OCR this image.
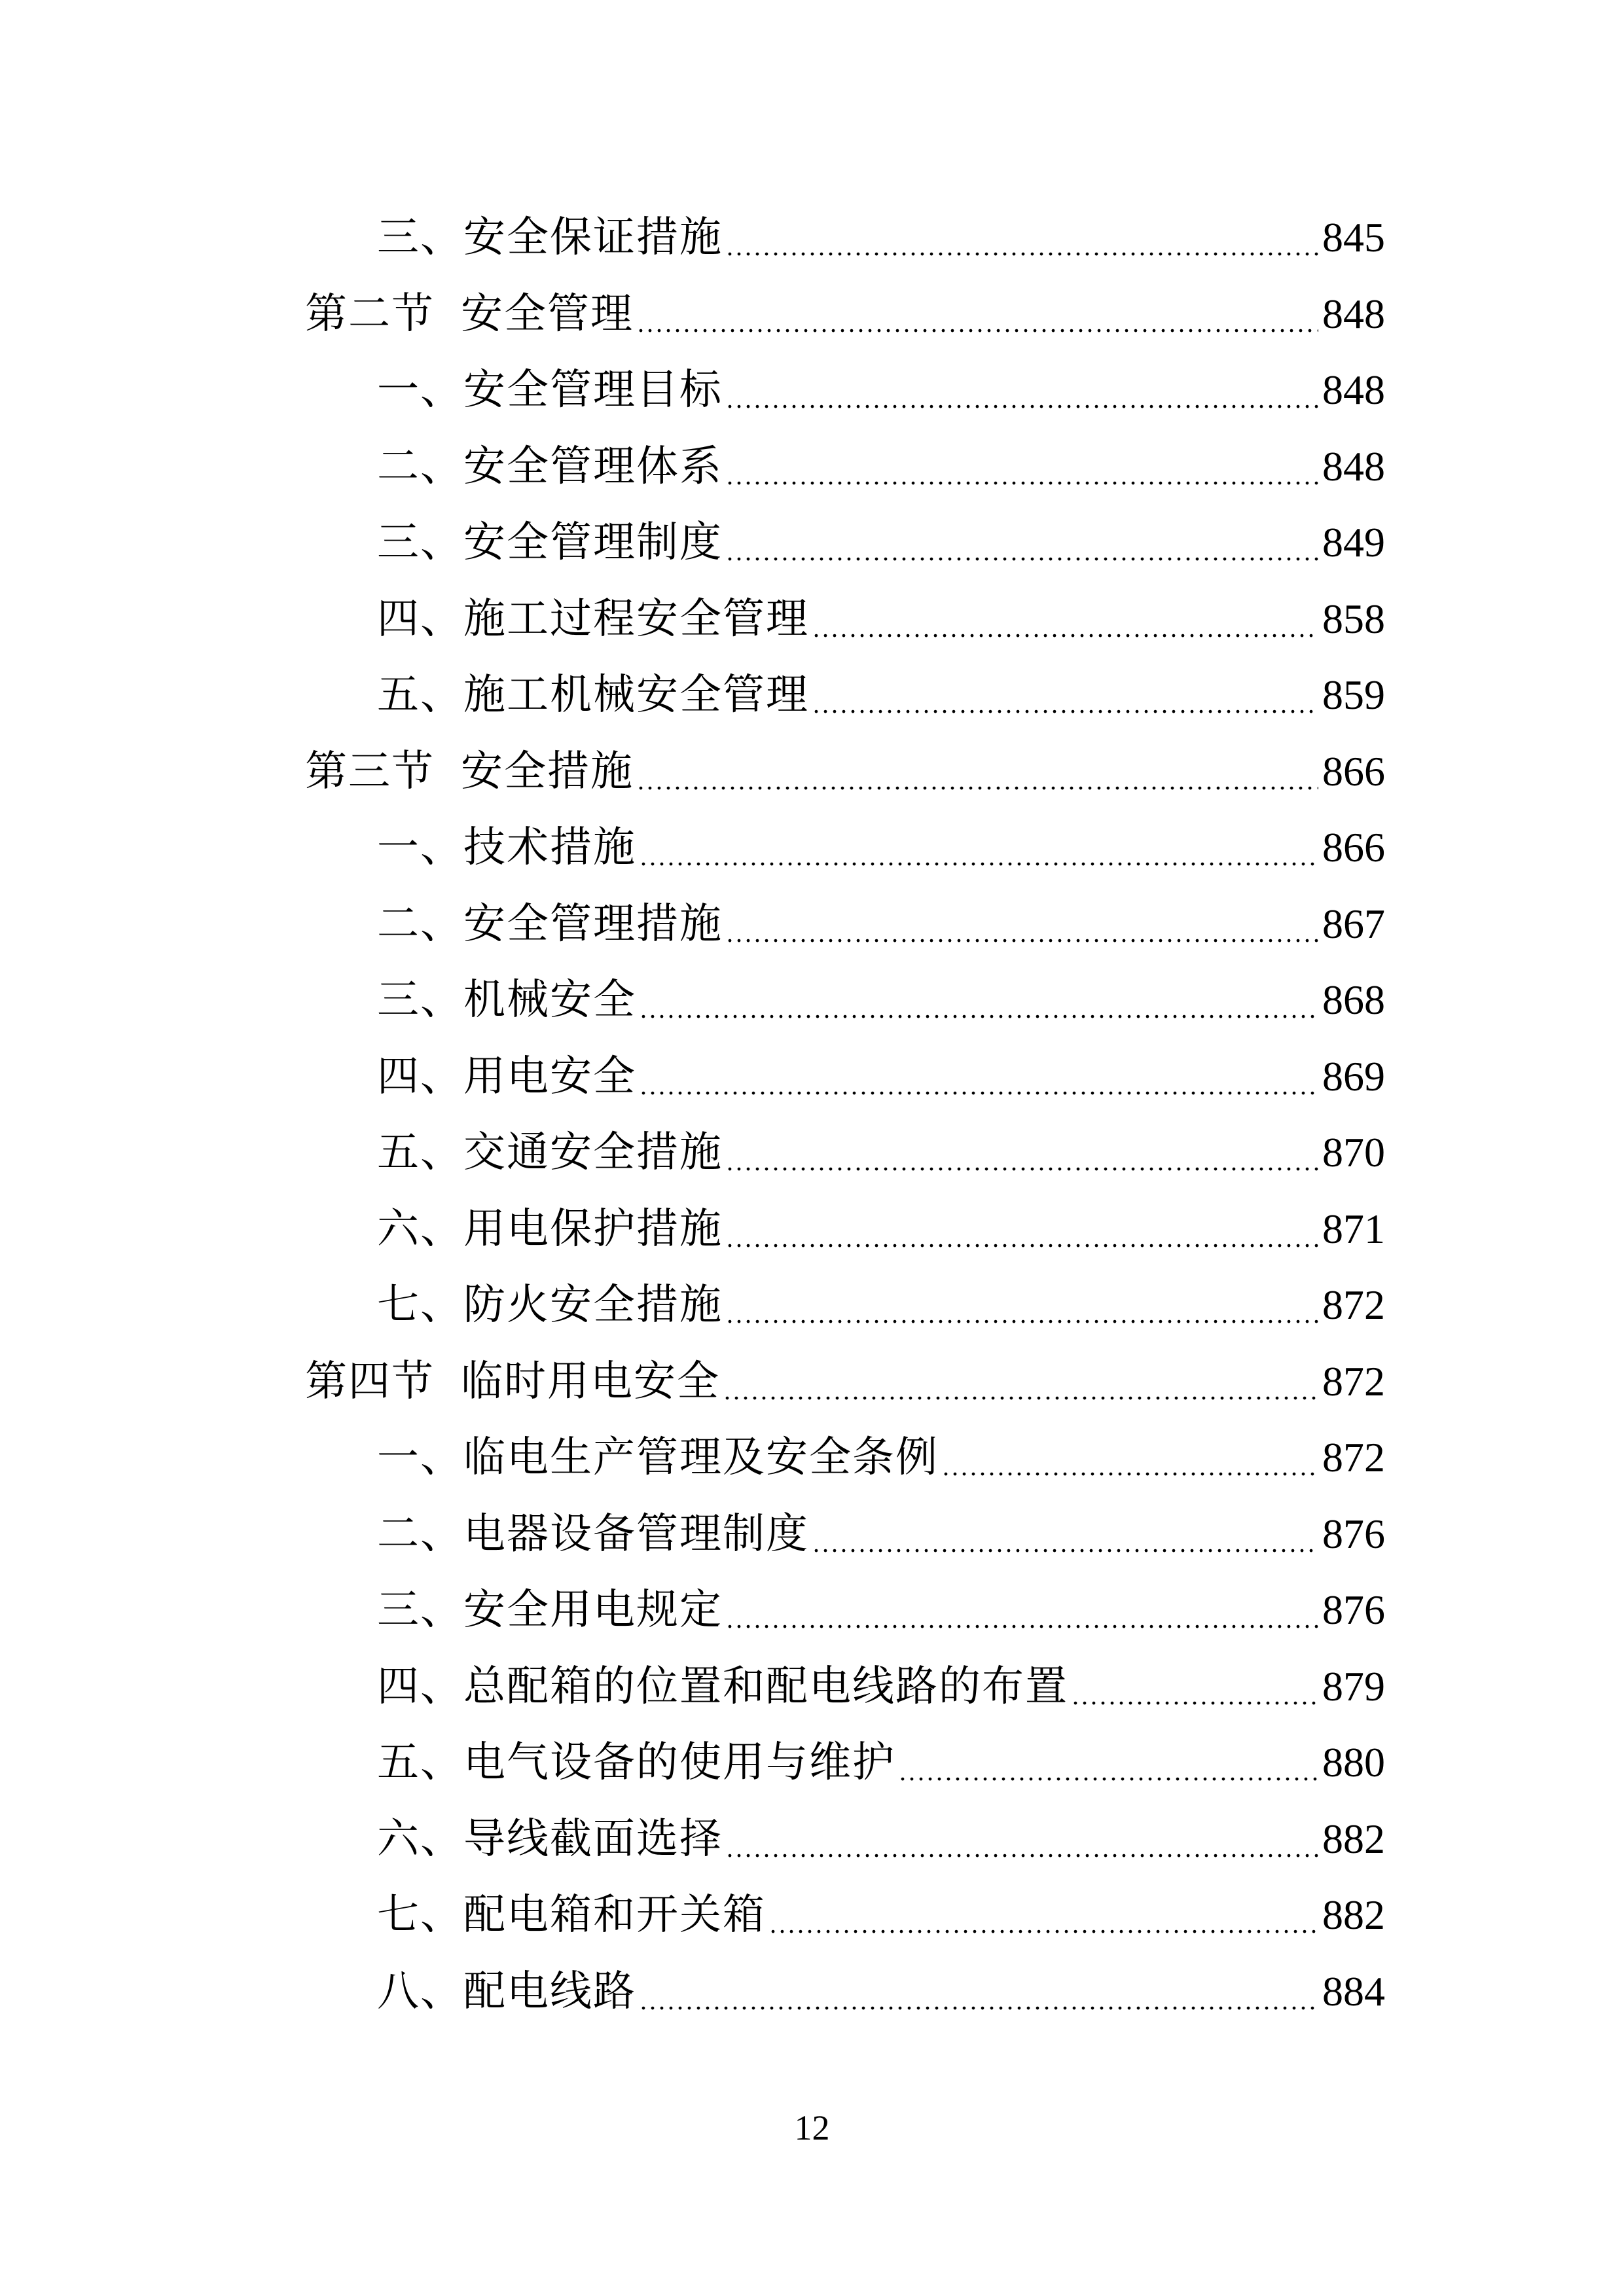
三、安全保证措施 .....	845
第二节 安全管理 .....	848
一、安全管理目标 .....	848
二、安全管理体系 .....	848
三、安全管理制度 .....	849
四、施工过程安全管理 .....	858
五、施工机械安全管理 .....	859
第三节 安全措施 .....	866
一、技术措施 .....	866
二、安全管理措施 .....	867
三、机械安全 .....	868
四、用电安全 .....	869
五、交通安全措施 .....	870
六、用电保护措施 .....	871
七、防火安全措施 .....	872
第四节 临时用电安全 .....	872
一、临电生产管理及安全条例 .....	872
二、电器设备管理制度 .....	876
三、安全用电规定 .....	876
四、总配箱的位置和配电线路的布置 .....	879
五、电气设备的使用与维护 .....	880
六、导线截面选择 .....	882
七、配电箱和开关箱 .....	882
八、配电线路 .....	884
12
